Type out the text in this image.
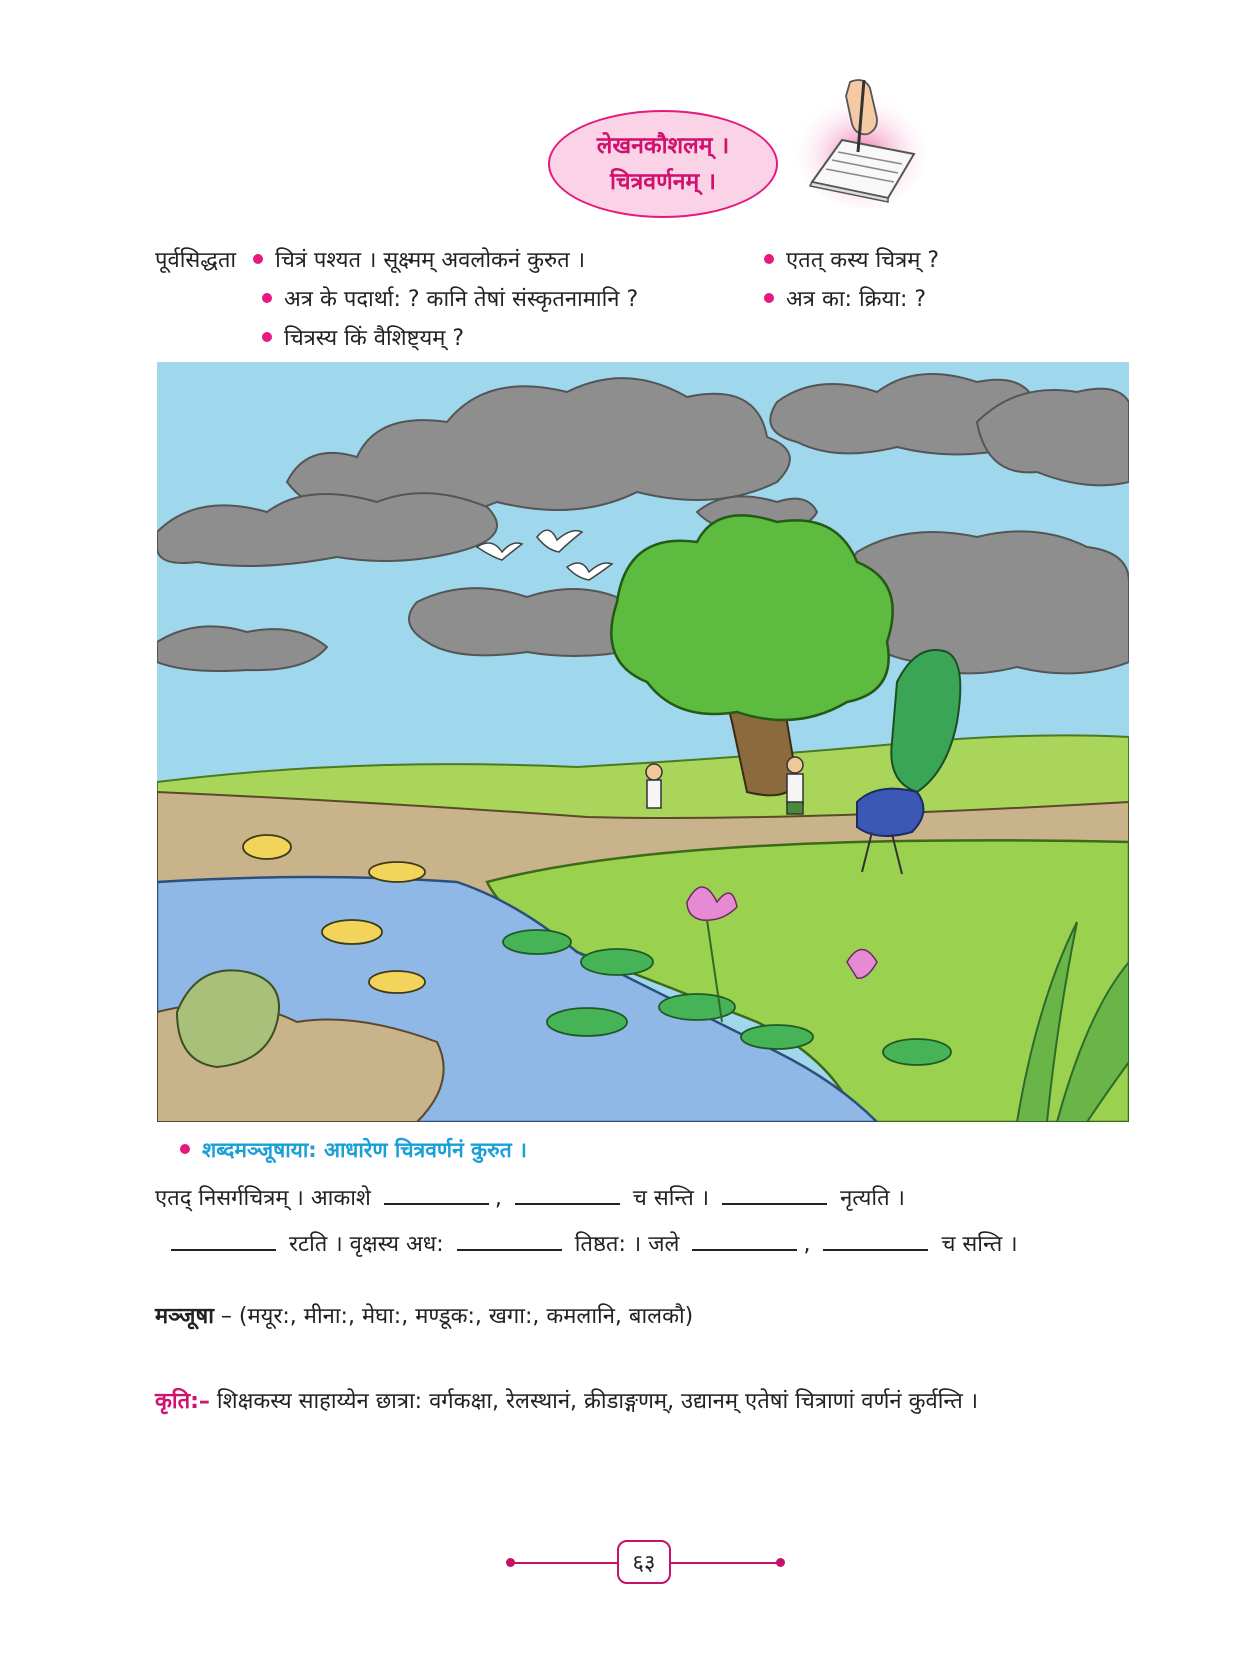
लेखनकौशलम् ।
चित्रवर्णनम् ।
पूर्वसिद्धता चित्रं पश्यत । सूक्ष्मम् अवलोकनं कुरुत ।	एतत् कस्य चित्रम् ?
अत्र के पदार्था: ? कानि तेषां संस्कृतनामानि ?	अत्र का: क्रिया: ?
चित्रस्य किं वैशिष्ट्यम् ?
शब्दमञ्जूषाया: आधारेण चित्रवर्णनं कुरुत ।
एतद् निसर्गचित्रम् । आकाशे	,	च सन्ति ।	नृत्यति ।
रटति । वृक्षस्य अध:	तिष्ठत: । जले	,	च सन्ति ।
मञ्जूषा – (मयूर:, मीना:, मेघा:, मण्डूक:, खगा:, कमलानि, बालकौ)
कृति:– शिक्षकस्य साहाय्येन छात्रा: वर्गकक्षा, रेलस्थानं, क्रीडाङ्गणम्, उद्यानम् एतेषां चित्राणां वर्णनं कुर्वन्ति ।
६३
